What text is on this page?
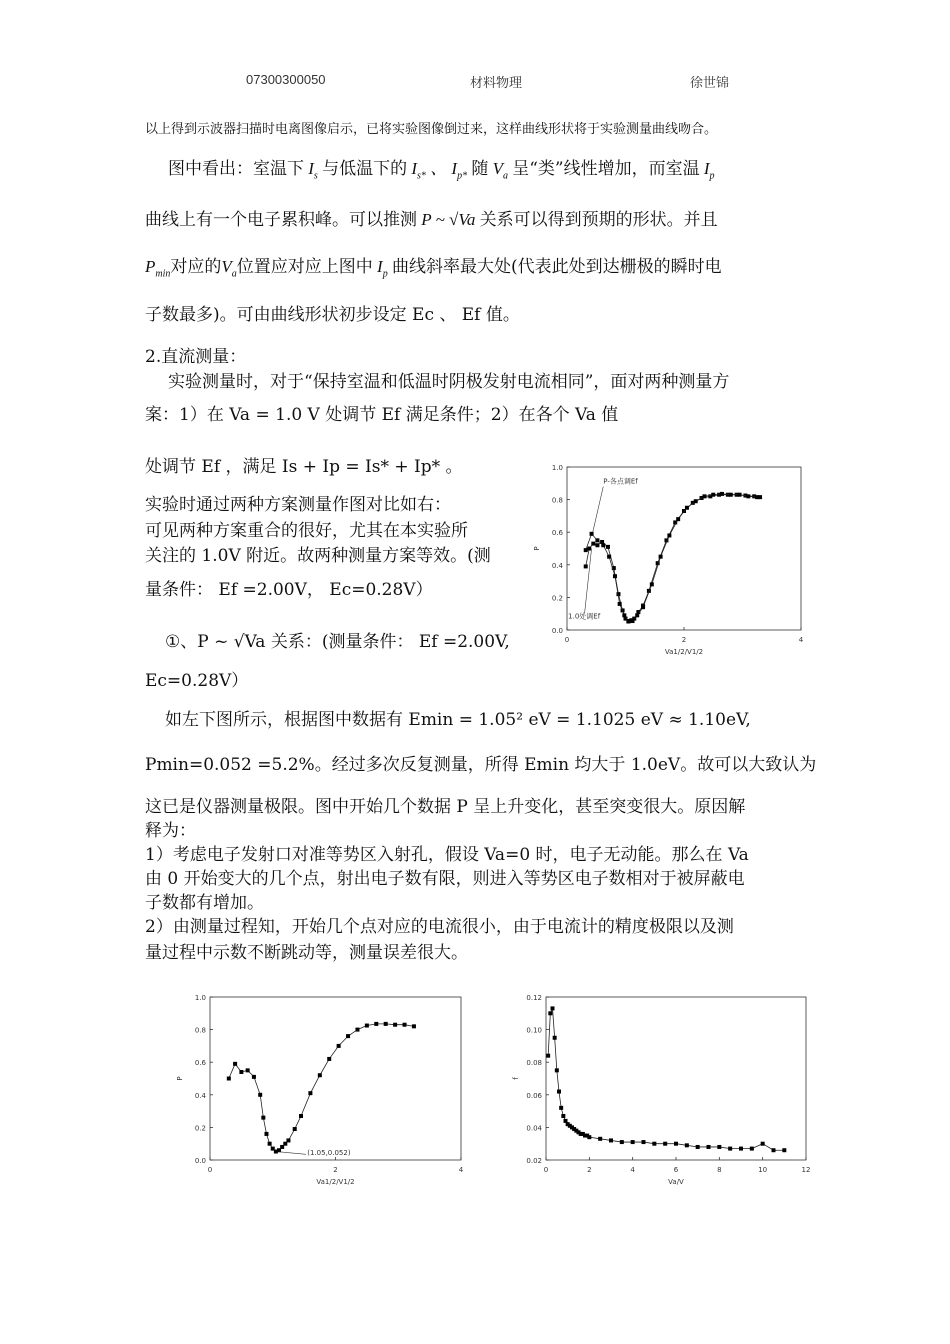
07300300050	材料物理	徐世锦
以上得到示波器扫描时电离图像启示，已将实验图像倒过来，这样曲线形状将于实验测量曲线吻合。
图中看出：室温下 $I_s$ 与低温下的 $I_{s*}$ 、 $I_{p*}$ 随 $V_a$ 呈“类”线性增加，而室温 $I_p$
曲线上有一个电子累积峰。可以推测 P ~ √Va 关系可以得到预期的形状。并且
$P_{min}$对应的$V_a$位置应对应上图中 $I_p$ 曲线斜率最大处(代表此处到达栅极的瞬时电
子数最多)。可由曲线形状初步设定 Ec 、 Ef 值。
2.直流测量：
实验测量时，对于“保持室温和低温时阴极发射电流相同”，面对两种测量方
案：1）在 Va = 1.0 V 处调节 Ef 满足条件；2）在各个 Va 值
处调节 Ef ，满足 Is + Ip = Is* + Ip* 。
实验时通过两种方案测量作图对比如右：
可见两种方案重合的很好，尤其在本实验所
关注的 1.0V 附近。故两种测量方案等效。(测
量条件： Ef =2.00V， Ec=0.28V）
①、P ~ √Va 关系：(测量条件： Ef =2.00V,
Ec=0.28V）
如左下图所示，根据图中数据有 Emin = 1.05² eV = 1.1025 eV ≈ 1.10eV,
Pmin=0.052 =5.2%。经过多次反复测量，所得 Emin 均大于 1.0eV。故可以大致认为
这已是仪器测量极限。图中开始几个数据 P 呈上升变化，甚至突变很大。原因解
释为：
1）考虑电子发射口对准等势区入射孔，假设 Va=0 时，电子无动能。那么在 Va
由 0 开始变大的几个点，射出电子数有限，则进入等势区电子数相对于被屏蔽电
子数都有增加。
2）由测量过程知，开始几个点对应的电流很小，由于电流计的精度极限以及测
量过程中示数不断跳动等，测量误差很大。
0.0
0.2
0.4
0.6
0.8
1.0
0	2	4
Va1/2/V1/2
P
P-各点调Ef
1.0处调Ef
0.0
0.2
0.4
0.6
0.8
1.0
0	2	4
Va1/2/V1/2
P
(1.05,0.052)
0.02
0.04
0.06
0.08
0.10
0.12
0	2	4	6	8	10	12
Va/V
f
